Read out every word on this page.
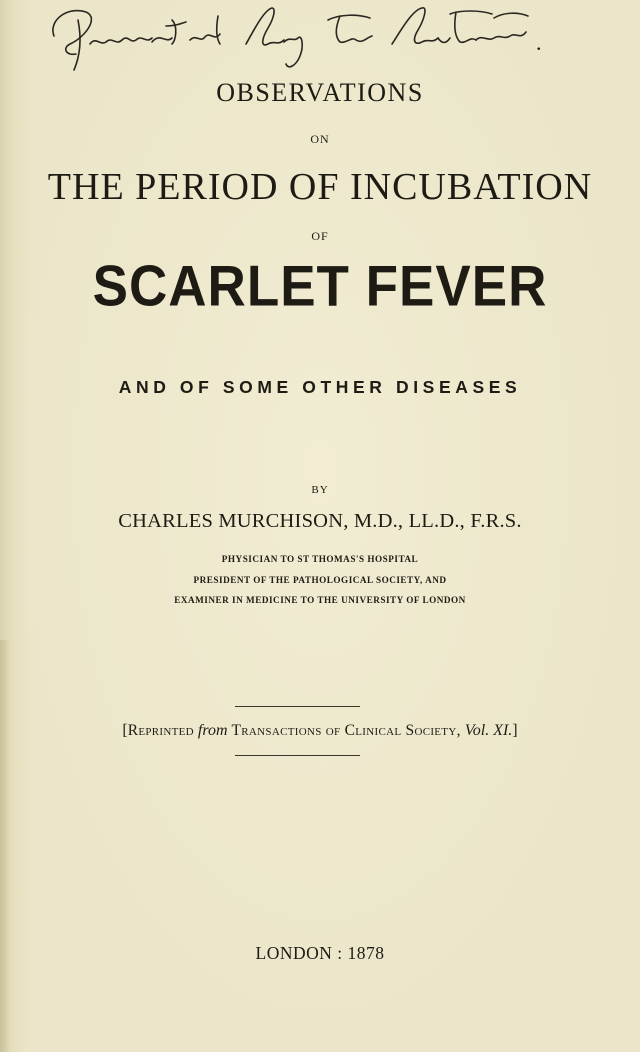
.
OBSERVATIONS
ON
THE PERIOD OF INCUBATION
OF
SCARLET FEVER
AND OF SOME OTHER DISEASES
BY
CHARLES MURCHISON, M.D., LL.D., F.R.S.
PHYSICIAN TO ST THOMAS'S HOSPITAL
PRESIDENT OF THE PATHOLOGICAL SOCIETY, AND
EXAMINER IN MEDICINE TO THE UNIVERSITY OF LONDON
[Reprinted from Transactions of Clinical Society, Vol. XI.]
LONDON : 1878
